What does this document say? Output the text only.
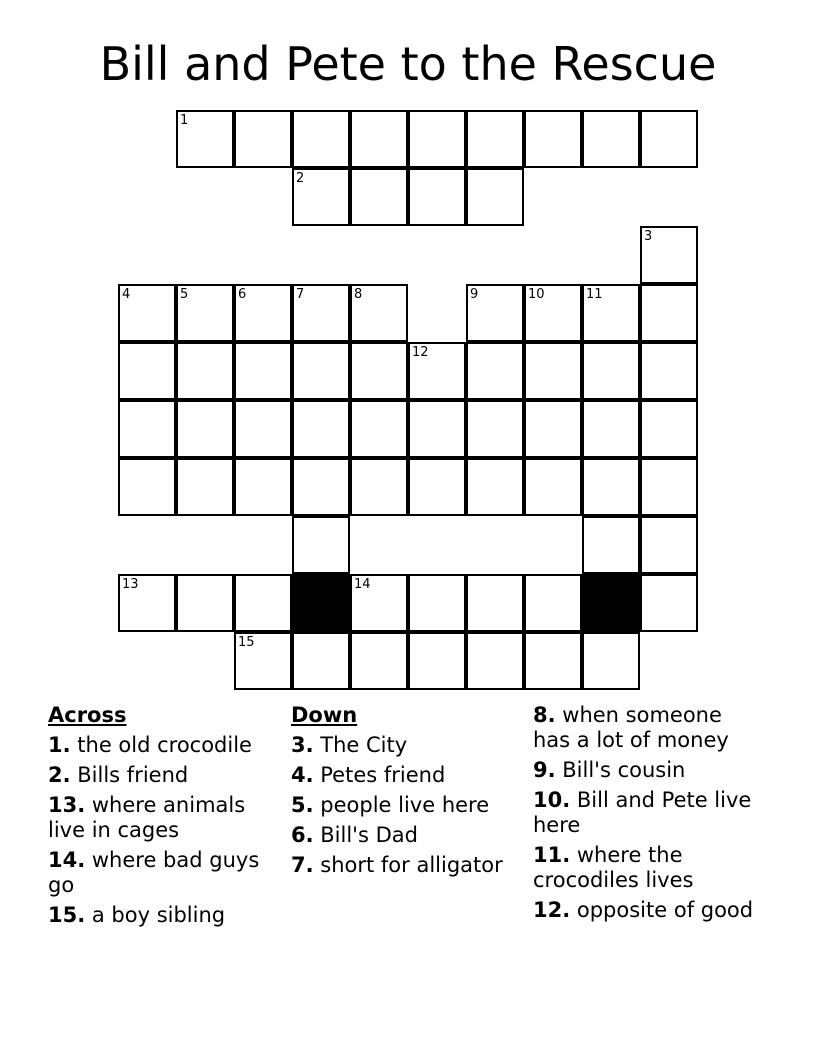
Bill and Pete to the Rescue
1
2
3
4	5	6	7	8	9	10	11
12
13	14
15
Across
1. the old crocodile
2. Bills friend
13. where animals live in cages
14. where bad guys go
15. a boy sibling
Down
3. The City
4. Petes friend
5. people live here
6. Bill's Dad
7. short for alligator
8. when someone has a lot of money
9. Bill's cousin
10. Bill and Pete live here
11. where the crocodiles lives
12. opposite of good
